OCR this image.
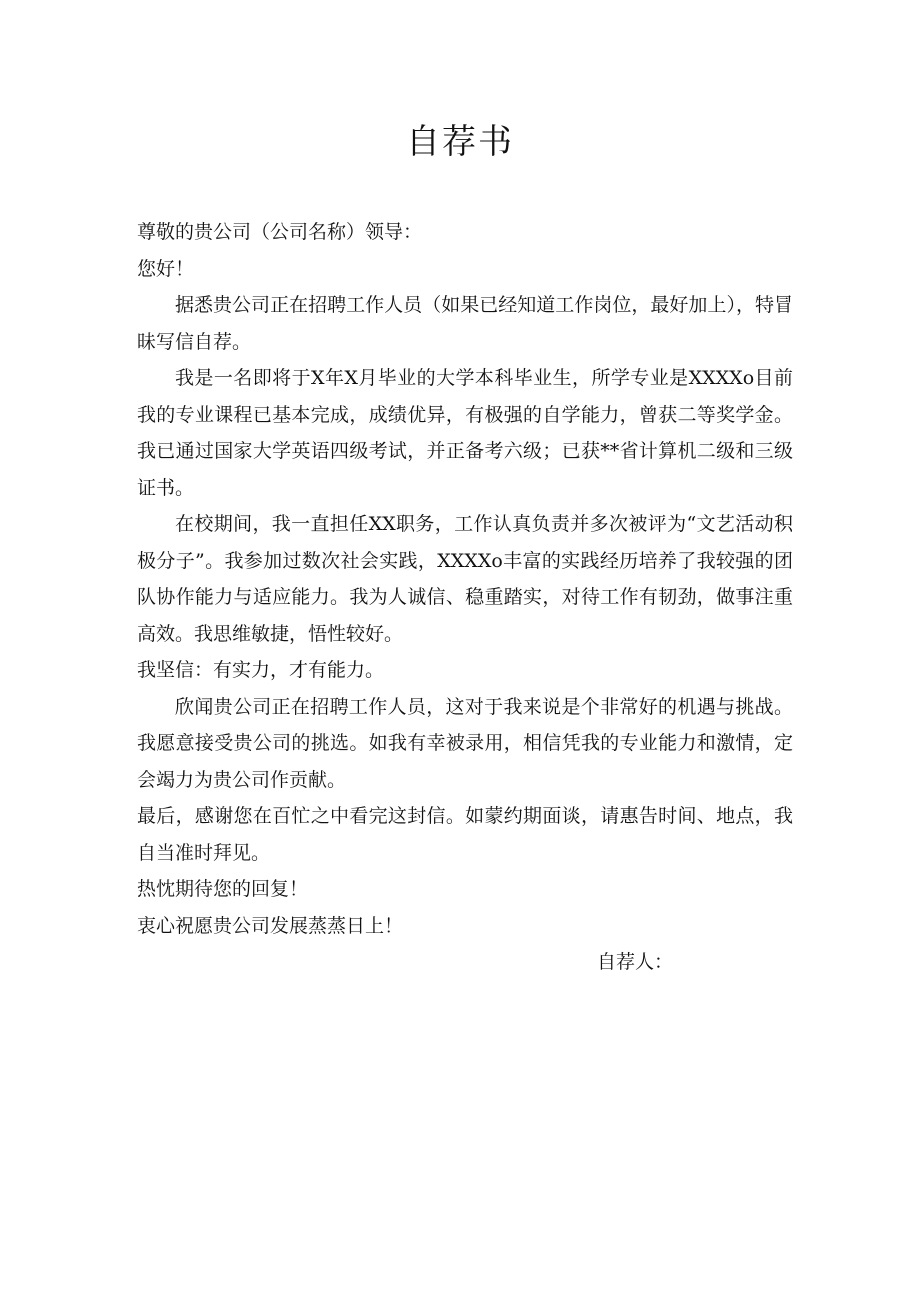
自荐书

尊敬的贵公司（公司名称）领导：

您好！

据悉贵公司正在招聘工作人员（如果已经知道工作岗位，最好加上），特冒昧写信自荐。

我是一名即将于X年X月毕业的大学本科毕业生，所学专业是XXXXo目前我的专业课程已基本完成，成绩优异，有极强的自学能力，曾获二等奖学金。我已通过国家大学英语四级考试，并正备考六级；已获**省计算机二级和三级证书。

在校期间，我一直担任XX职务，工作认真负责并多次被评为“文艺活动积极分子”。我参加过数次社会实践，XXXXo丰富的实践经历培养了我较强的团队协作能力与适应能力。我为人诚信、稳重踏实，对待工作有韧劲，做事注重高效。我思维敏捷，悟性较好。

我坚信：有实力，才有能力。

欣闻贵公司正在招聘工作人员，这对于我来说是个非常好的机遇与挑战。我愿意接受贵公司的挑选。如我有幸被录用，相信凭我的专业能力和激情，定会竭力为贵公司作贡献。

最后，感谢您在百忙之中看完这封信。如蒙约期面谈，请惠告时间、地点，我自当准时拜见。

热忱期待您的回复！

衷心祝愿贵公司发展蒸蒸日上！

自荐人：
